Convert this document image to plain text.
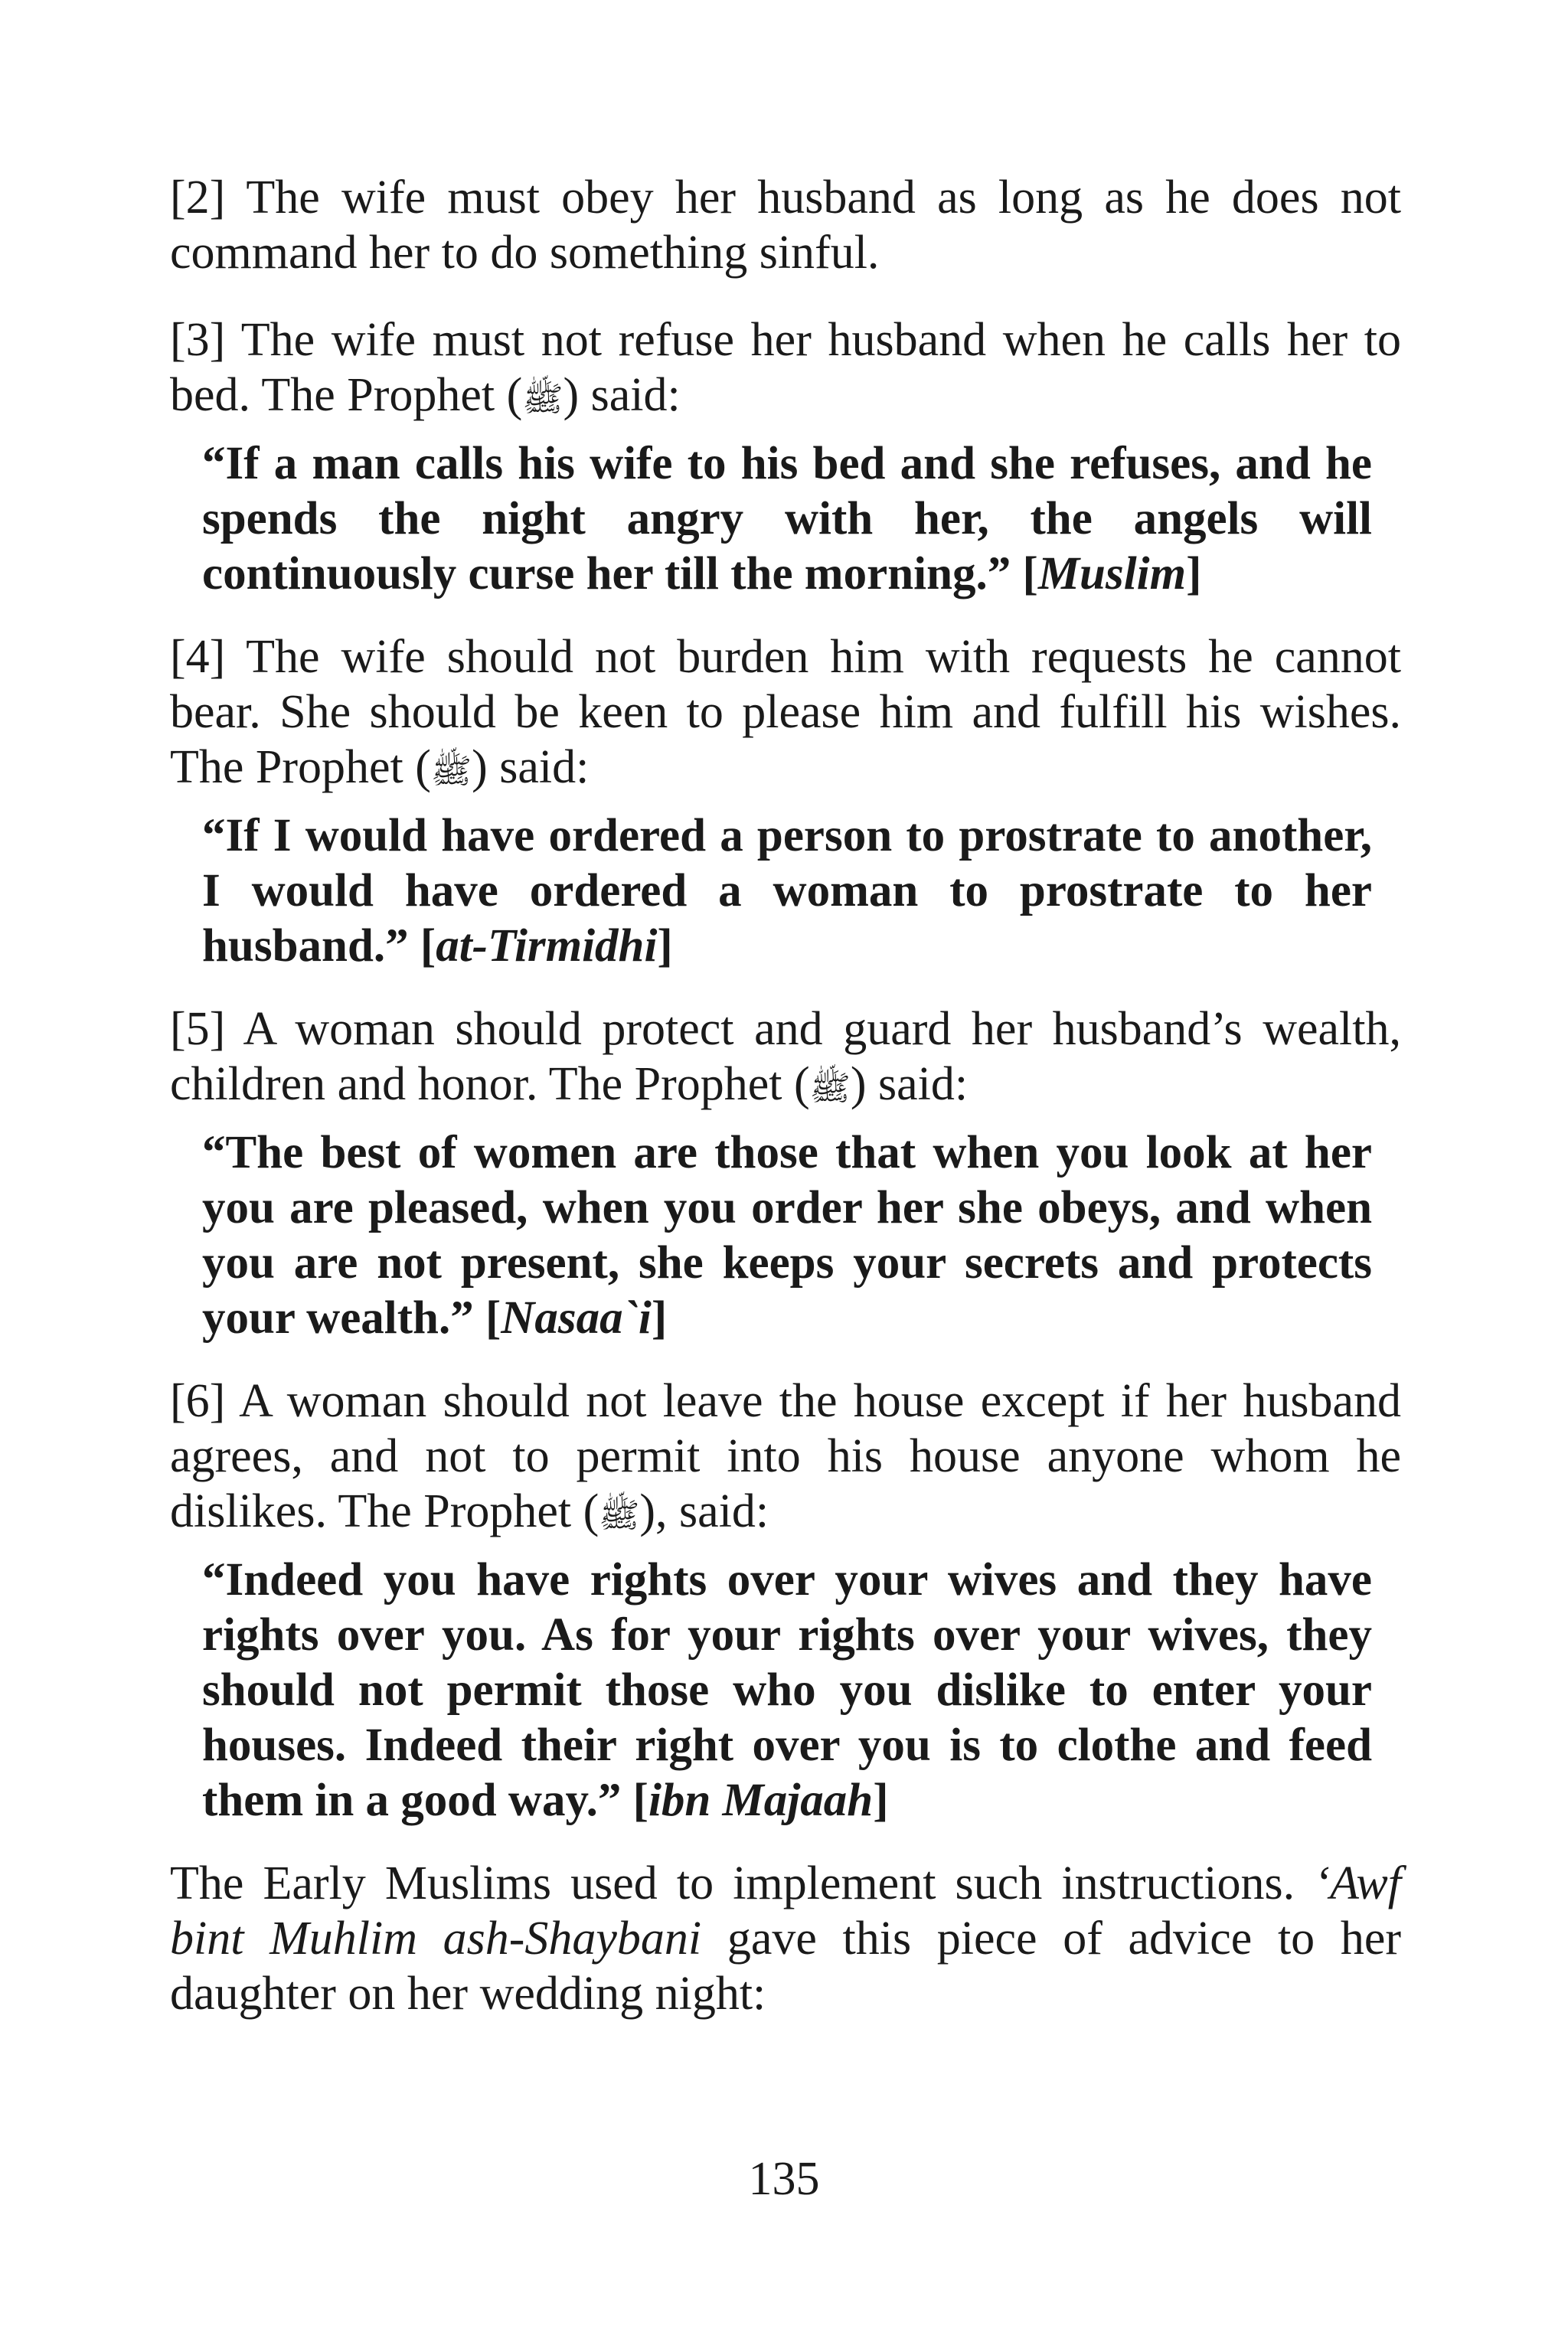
[2] The wife must obey her husband as long as he does not command her to do something sinful.

[3] The wife must not refuse her husband when he calls her to bed. The Prophet (ﷺ) said:

“If a man calls his wife to his bed and she refuses, and he spends the night angry with her, the angels will continuously curse her till the morning.” [Muslim]

[4] The wife should not burden him with requests he cannot bear. She should be keen to please him and fulfill his wishes. The Prophet (ﷺ) said:

“If I would have ordered a person to prostrate to another, I would have ordered a woman to prostrate to her husband.” [at-Tirmidhi]

[5] A woman should protect and guard her husband’s wealth, children and honor. The Prophet (ﷺ) said:

“The best of women are those that when you look at her you are pleased, when you order her she obeys, and when you are not present, she keeps your secrets and protects your wealth.” [Nasaa`i]

[6] A woman should not leave the house except if her husband agrees, and not to permit into his house anyone whom he dislikes. The Prophet (ﷺ), said:

“Indeed you have rights over your wives and they have rights over you. As for your rights over your wives, they should not permit those who you dislike to enter your houses. Indeed their right over you is to clothe and feed them in a good way.” [ibn Majaah]

The Early Muslims used to implement such instructions. ‘Awf bint Muhlim ash-Shaybani gave this piece of advice to her daughter on her wedding night:

135
